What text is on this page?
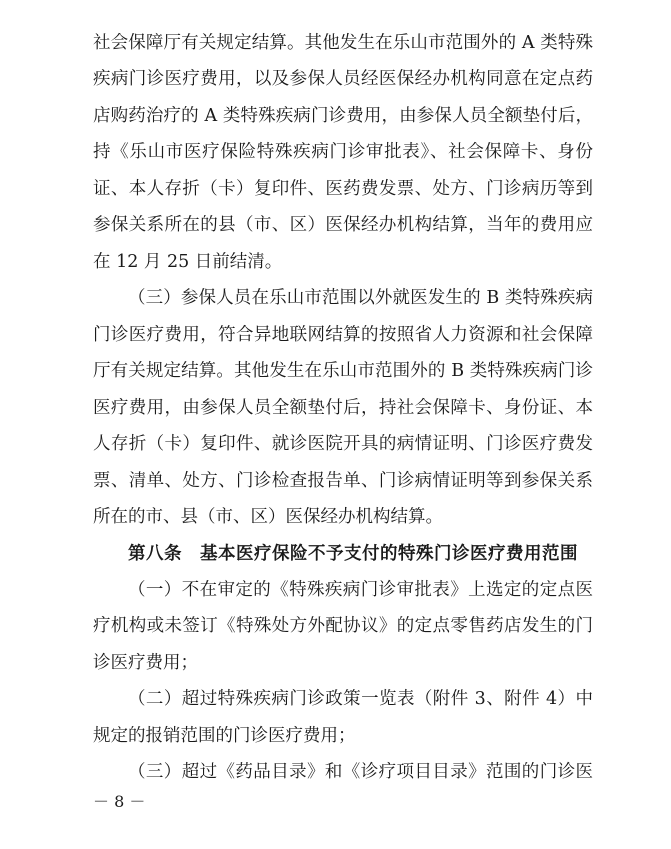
社会保障厅有关规定结算。其他发生在乐山市范围外的 A 类特殊
疾病门诊医疗费用，以及参保人员经医保经办机构同意在定点药
店购药治疗的 A 类特殊疾病门诊费用，由参保人员全额垫付后，
持《乐山市医疗保险特殊疾病门诊审批表》、社会保障卡、身份
证、本人存折（卡）复印件、医药费发票、处方、门诊病历等到
参保关系所在的县（市、区）医保经办机构结算，当年的费用应
在 12 月 25 日前结清。
（三）参保人员在乐山市范围以外就医发生的 B 类特殊疾病
门诊医疗费用，符合异地联网结算的按照省人力资源和社会保障
厅有关规定结算。其他发生在乐山市范围外的 B 类特殊疾病门诊
医疗费用，由参保人员全额垫付后，持社会保障卡、身份证、本
人存折（卡）复印件、就诊医院开具的病情证明、门诊医疗费发
票、清单、处方、门诊检查报告单、门诊病情证明等到参保关系
所在的市、县（市、区）医保经办机构结算。
第八条　基本医疗保险不予支付的特殊门诊医疗费用范围
（一）不在审定的《特殊疾病门诊审批表》上选定的定点医
疗机构或未签订《特殊处方外配协议》的定点零售药店发生的门
诊医疗费用；
（二）超过特殊疾病门诊政策一览表（附件 3、附件 4）中
规定的报销范围的门诊医疗费用；
（三）超过《药品目录》和《诊疗项目目录》范围的门诊医
－ 8 －
